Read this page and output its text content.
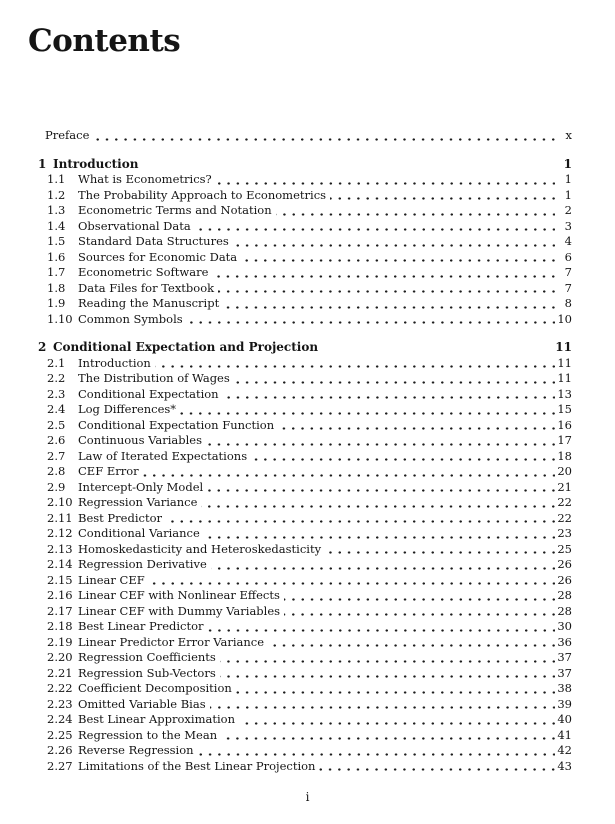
Contents
Preface	x
1 Introduction	1
1.1	What is Econometrics?	1
1.2	The Probability Approach to Econometrics	1
1.3	Econometric Terms and Notation	2
1.4	Observational Data	3
1.5	Standard Data Structures	4
1.6	Sources for Economic Data	6
1.7	Econometric Software	7
1.8	Data Files for Textbook	7
1.9	Reading the Manuscript	8
1.10 Common Symbols	10
2 Conditional Expectation and Projection	11
2.1	Introduction	11
2.2	The Distribution of Wages	11
2.3	Conditional Expectation	13
2.4	Log Differences*	15
2.5	Conditional Expectation Function	16
2.6	Continuous Variables	17
2.7	Law of Iterated Expectations	18
2.8	CEF Error	20
2.9	Intercept-Only Model	21
2.10 Regression Variance	22
2.11 Best Predictor	22
2.12 Conditional Variance	23
2.13 Homoskedasticity and Heteroskedasticity	25
2.14 Regression Derivative	26
2.15 Linear CEF	26
2.16 Linear CEF with Nonlinear Effects	28
2.17 Linear CEF with Dummy Variables	28
2.18 Best Linear Predictor	30
2.19 Linear Predictor Error Variance	36
2.20 Regression Coefficients	37
2.21 Regression Sub-Vectors	37
2.22 Coefficient Decomposition	38
2.23 Omitted Variable Bias	39
2.24 Best Linear Approximation	40
2.25 Regression to the Mean	41
2.26 Reverse Regression	42
2.27 Limitations of the Best Linear Projection	43
i
